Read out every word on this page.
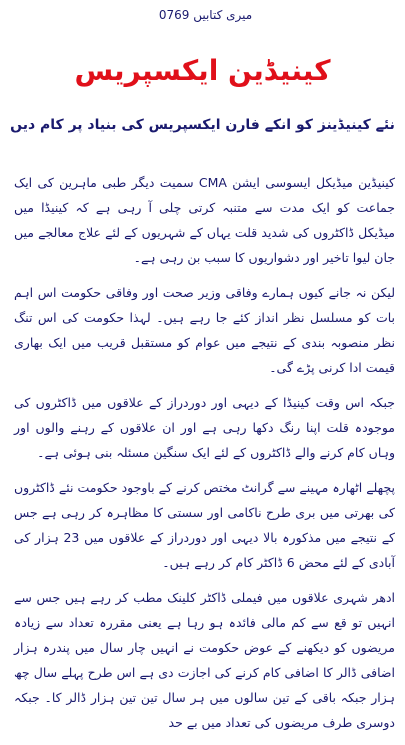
میری کتابیں 0769
کینیڈین ایکسپریس
نئے کینیڈینز کو انکے فارن ایکسپریس کی بنیاد پر کام دیں

کینیڈین میڈیکل ایسوسی ایشن CMA سمیت دیگر طبی ماہرین کی ایک جماعت کو ایک مدت سے متنبہ کرتی چلی آ رہی ہے کہ کینیڈا میں میڈیکل ڈاکٹروں کی شدید قلت یہاں کے شہریوں کے لئے علاج معالجے میں جان لیوا تاخیر اور دشواریوں کا سبب بن رہی ہے۔

لیکن نہ جانے کیوں ہمارے وفاقی وزیر صحت اور وفاقی حکومت اس اہم بات کو مسلسل نظر انداز کئے جا رہے ہیں۔ لہذا حکومت کی اس تنگ نظر منصوبہ بندی کے نتیجے میں عوام کو مستقبل قریب میں ایک بھاری قیمت ادا کرنی پڑے گی۔

جبکہ اس وقت کینیڈا کے دیہی اور دوردراز کے علاقوں میں ڈاکٹروں کی موجودہ قلت اپنا رنگ دکھا رہی ہے اور ان علاقوں کے رہنے والوں اور وہاں کام کرنے والے ڈاکٹروں کے لئے ایک سنگین مسئلہ بنی ہوئی ہے۔

پچھلے اٹھارہ مہینے سے گرانٹ مختص کرنے کے باوجود حکومت نئے ڈاکٹروں کی بھرتی میں بری طرح ناکامی اور سستی کا مظاہرہ کر رہی ہے جس کے نتیجے میں مذکورہ بالا دیہی اور دوردراز کے علاقوں میں 23 ہزار کی آبادی کے لئے محض 6 ڈاکٹر کام کر رہے ہیں۔

ادھر شہری علاقوں میں فیملی ڈاکٹر کلینک مطب کر رہے ہیں جس سے انہیں تو قع سے کم مالی فائدہ ہو رہا ہے یعنی مقررہ تعداد سے زیادہ مریضوں کو دیکھنے کے عوض حکومت نے انہیں چار سال میں پندرہ ہزار اضافی ڈالر کا اضافی کام کرنے کی اجازت دی ہے اس طرح پہلے سال چھ ہزار جبکہ باقی کے تین سالوں میں ہر سال تین تین ہزار ڈالر کا۔ جبکہ دوسری طرف مریضوں کی تعداد میں بے حد
